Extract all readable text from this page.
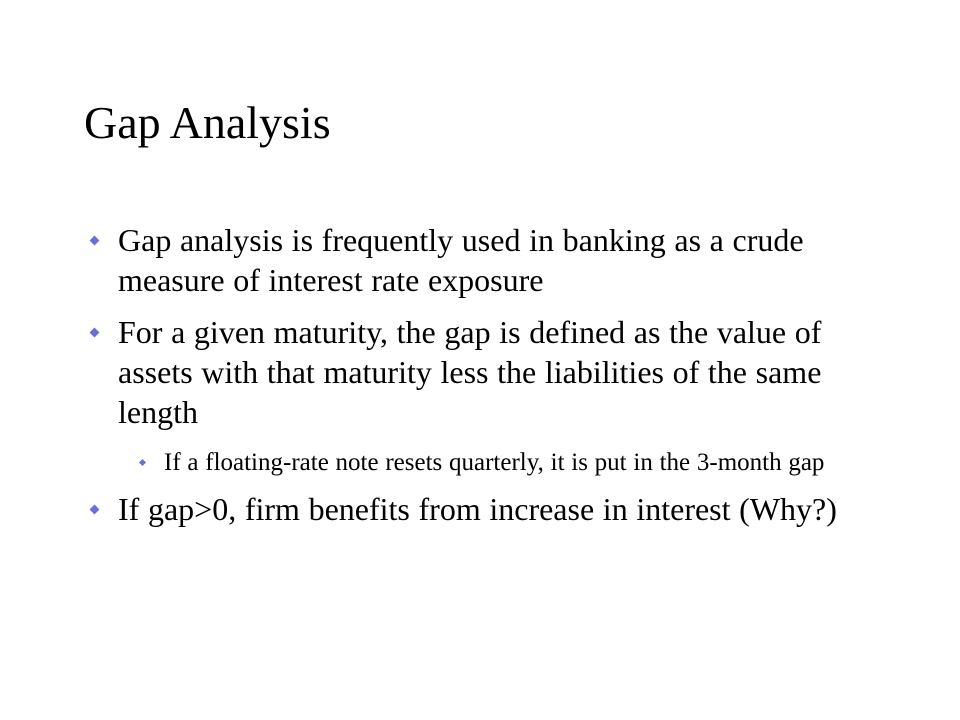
Gap Analysis
Gap analysis is frequently used in banking as a crude measure of interest rate exposure
For a given maturity, the gap is defined as the value of assets with that maturity less the liabilities of the same length
If a floating-rate note resets quarterly, it is put in the 3-month gap
If gap>0, firm benefits from increase in interest (Why?)
